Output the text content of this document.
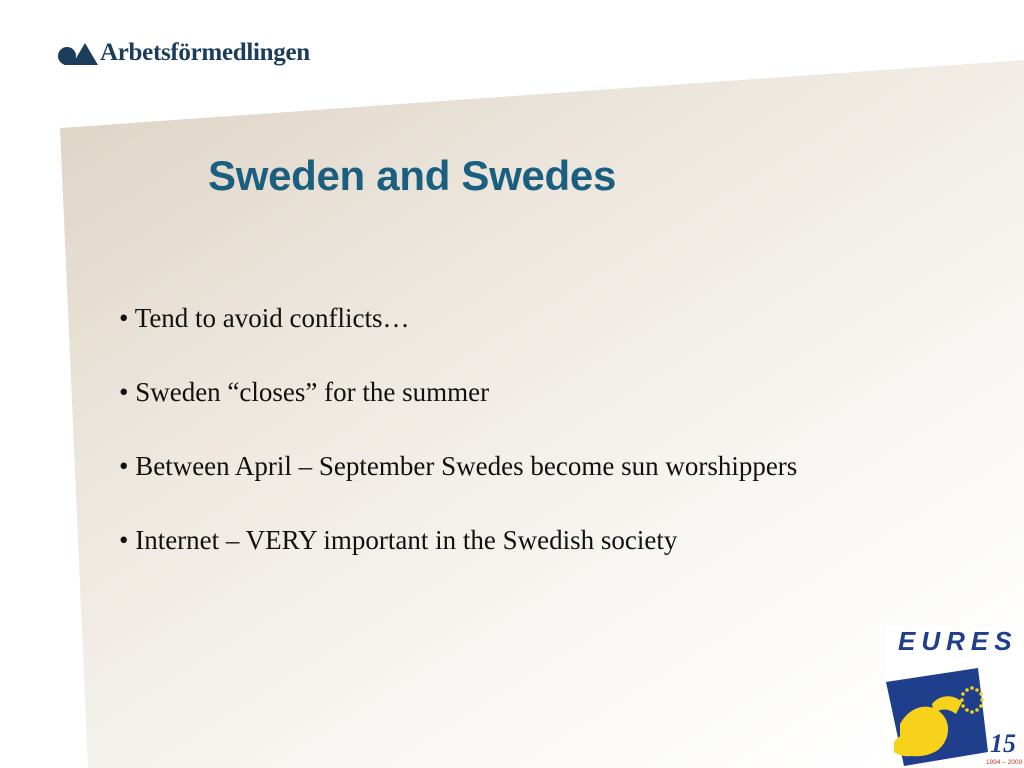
Arbetsförmedlingen
Sweden and Swedes

• Tend to avoid conflicts…

• Sweden “closes” for the summer

• Between April – September Swedes become sun worshippers

• Internet – VERY important in the Swedish society

EURES
15
1994 – 2009
